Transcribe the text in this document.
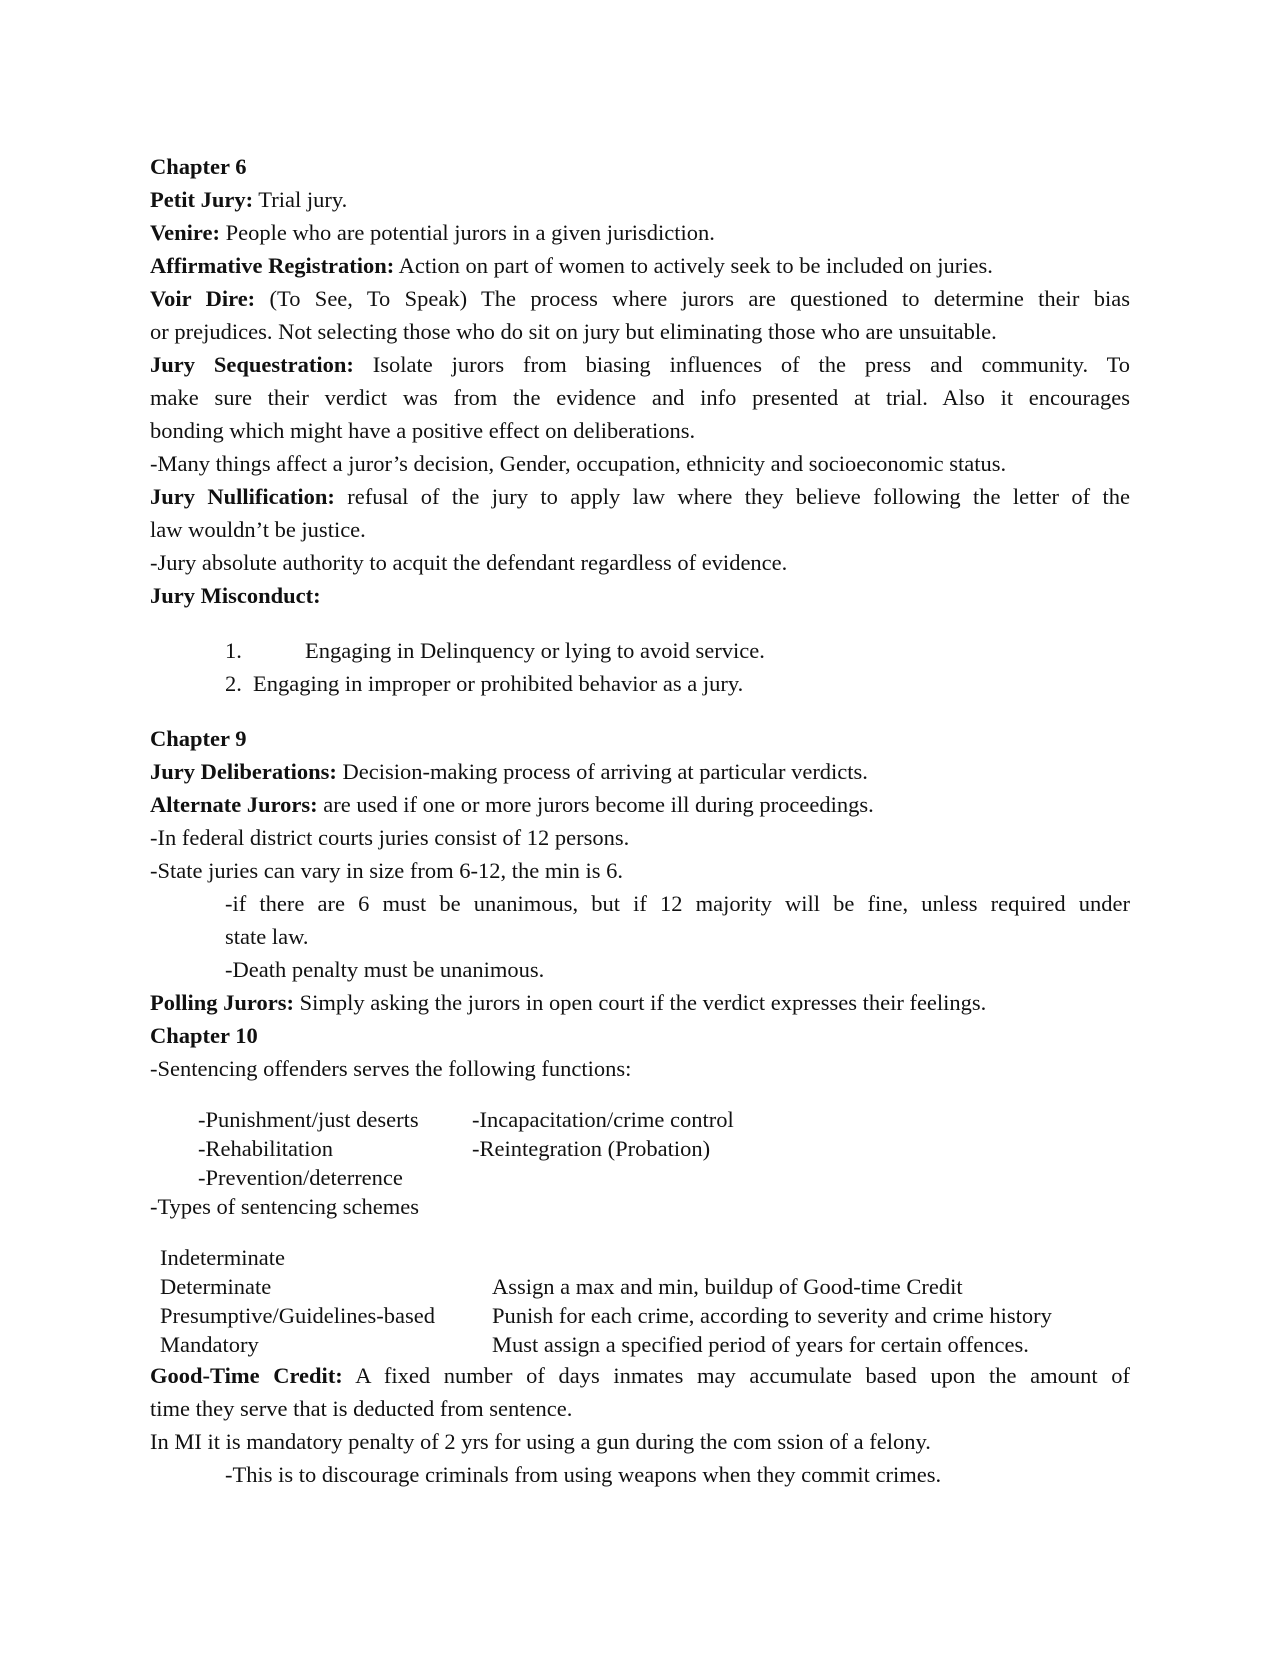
Chapter 6
Petit Jury: Trial jury.
Venire: People who are potential jurors in a given jurisdiction.
Affirmative Registration: Action on part of women to actively seek to be included on juries.
Voir Dire: (To See, To Speak) The process where jurors are questioned to determine their bias
or prejudices. Not selecting those who do sit on jury but eliminating those who are unsuitable.
Jury Sequestration: Isolate jurors from biasing influences of the press and community. To
make sure their verdict was from the evidence and info presented at trial. Also it encourages
bonding which might have a positive effect on deliberations.
-Many things affect a juror’s decision, Gender, occupation, ethnicity and socioeconomic status.
Jury Nullification: refusal of the jury to apply law where they believe following the letter of the
law wouldn’t be justice.
-Jury absolute authority to acquit the defendant regardless of evidence.
Jury Misconduct:
1.	Engaging in Delinquency or lying to avoid service.
2. Engaging in improper or prohibited behavior as a jury.
Chapter 9
Jury Deliberations: Decision-making process of arriving at particular verdicts.
Alternate Jurors: are used if one or more jurors become ill during proceedings.
-In federal district courts juries consist of 12 persons.
-State juries can vary in size from 6-12, the min is 6.
-if there are 6 must be unanimous, but if 12 majority will be fine, unless required under
state law.
-Death penalty must be unanimous.
Polling Jurors: Simply asking the jurors in open court if the verdict expresses their feelings.
Chapter 10
-Sentencing offenders serves the following functions:
-Punishment/just deserts -Incapacitation/crime control
-Rehabilitation	-Reintegration (Probation)
-Prevention/deterrence
-Types of sentencing schemes
Indeterminate
Determinate	Assign a max and min, buildup of Good-time Credit
Presumptive/Guidelines-based	Punish for each crime, according to severity and crime history
Mandatory	Must assign a specified period of years for certain offences.
Good-Time Credit: A fixed number of days inmates may accumulate based upon the amount of
time they serve that is deducted from sentence.
In MI it is mandatory penalty of 2 yrs for using a gun during the com ssion of a felony.
-This is to discourage criminals from using weapons when they commit crimes.
